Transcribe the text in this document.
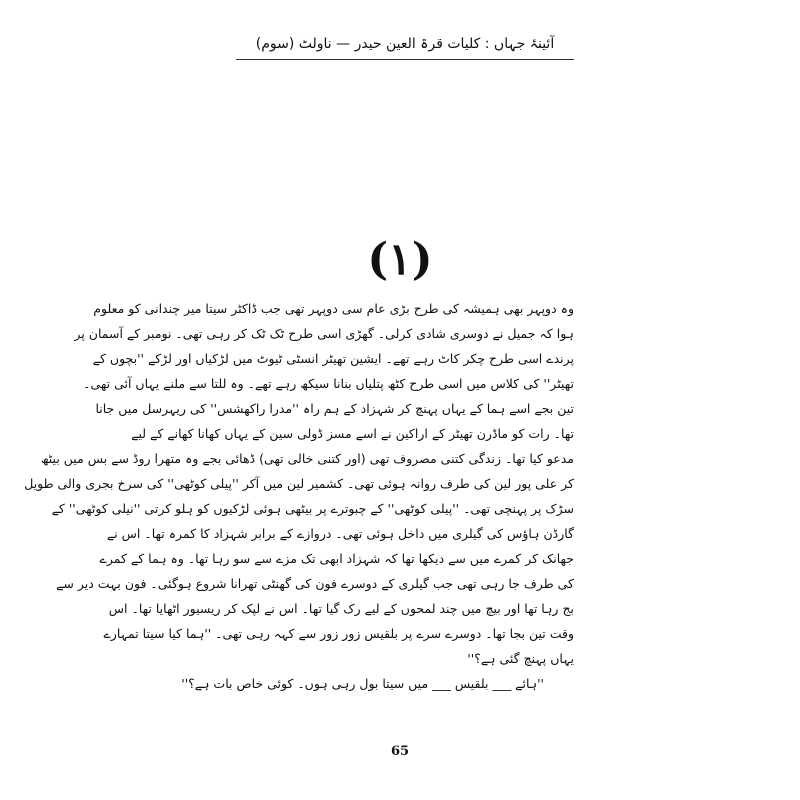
آئینۂ جہاں : کلیات قرۃ العین حیدر — ناولٹ (سوم)
(۱)
وہ دوپہر بھی ہمیشہ کی طرح بڑی عام سی دوپہر تھی جب ڈاکٹر سیتا میر چندانی کو معلوم
ہوا کہ جمیل نے دوسری شادی کرلی۔ گھڑی اسی طرح ٹک ٹک کر رہی تھی۔ نومبر کے آسمان پر
پرندے اسی طرح چکر کاٹ رہے تھے۔ ایشین تھیٹر انسٹی ٹیوٹ میں لڑکیاں اور لڑکے ''بچوں کے
تھیٹر'' کی کلاس میں اسی طرح کٹھ پتلیاں بنانا سیکھ رہے تھے۔ وہ للتا سے ملنے یہاں آئی تھی۔
تین بجے اسے ہما کے یہاں پہنچ کر شہزاد کے ہم راہ ''مدرا راکھشس'' کی ریہرسل میں جانا
تھا۔ رات کو ماڈرن تھیٹر کے اراکین نے اسے مسز ڈولی سین کے یہاں کھانا کھانے کے لیے
مدعو کیا تھا۔ زندگی کتنی مصروف تھی (اور کتنی خالی تھی) ڈھائی بجے وہ متھرا روڈ سے بس میں بیٹھ
کر علی پور لین کی طرف روانہ ہوئی تھی۔ کشمیر لین میں آکر ''پیلی کوٹھی'' کی سرخ بجری والی طویل
سڑک پر پہنچی تھی۔ ''پیلی کوٹھی'' کے چبوترے پر بیٹھی ہوئی لڑکیوں کو ہلو کرتی ''نیلی کوٹھی'' کے
گارڈن ہاؤس کی گیلری میں داخل ہوئی تھی۔ دروازے کے برابر شہزاد کا کمرہ تھا۔ اس نے
جھانک کر کمرے میں سے دیکھا تھا کہ شہزاد ابھی تک مزے سے سو رہا تھا۔ وہ ہما کے کمرے
کی طرف جا رہی تھی جب گیلری کے دوسرے فون کی گھنٹی تھرانا شروع ہوگئی۔ فون بہت دیر سے
بج رہا تھا اور بیچ میں چند لمحوں کے لیے رک گیا تھا۔ اس نے لپک کر ریسیور اٹھایا تھا۔ اس
وقت تین بجا تھا۔ دوسرے سرے پر بلقیس زور زور سے کہہ رہی تھی۔ ''ہما کیا سیتا تمہارے
یہاں پہنچ گئی ہے؟''
''ہائے ___ بلقیس ___ میں سیتا بول رہی ہوں۔ کوئی خاص بات ہے؟''
65
